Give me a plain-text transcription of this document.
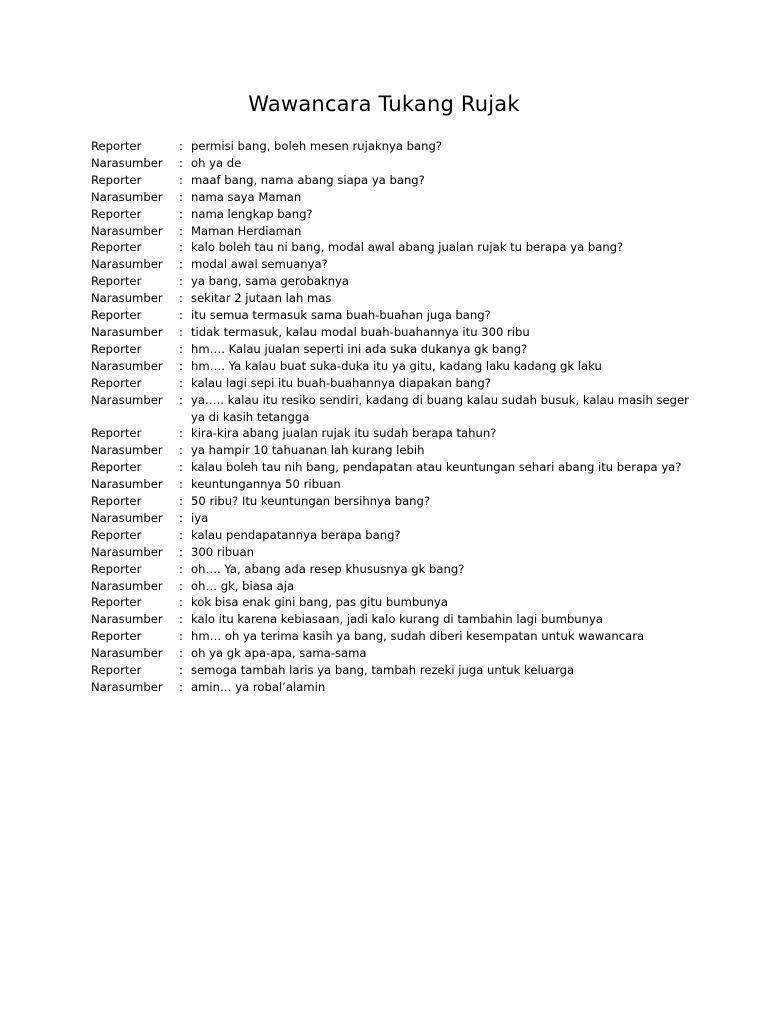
Wawancara Tukang Rujak
Reporter	: permisi bang, boleh mesen rujaknya bang?
Narasumber	: oh ya de
Reporter	: maaf bang, nama abang siapa ya bang?
Narasumber	: nama saya Maman
Reporter	: nama lengkap bang?
Narasumber	: Maman Herdiaman
Reporter	: kalo boleh tau ni bang, modal awal abang jualan rujak tu berapa ya bang?
Narasumber	: modal awal semuanya?
Reporter	: ya bang, sama gerobaknya
Narasumber	: sekitar 2 jutaan lah mas
Reporter	: itu semua termasuk sama buah-buahan juga bang?
Narasumber	: tidak termasuk, kalau modal buah-buahannya itu 300 ribu
Reporter	: hm…. Kalau jualan seperti ini ada suka dukanya gk bang?
Narasumber	: hm…. Ya kalau buat suka-duka itu ya gitu, kadang laku kadang gk laku
Reporter	: kalau lagi sepi itu buah-buahannya diapakan bang?
Narasumber	: ya….. kalau itu resiko sendiri, kadang di buang kalau sudah busuk, kalau masih seger ya di kasih tetangga
Reporter	: kira-kira abang jualan rujak itu sudah berapa tahun?
Narasumber	: ya hampir 10 tahuanan lah kurang lebih
Reporter	: kalau boleh tau nih bang, pendapatan atau keuntungan sehari abang itu berapa ya?
Narasumber	: keuntungannya 50 ribuan
Reporter	: 50 ribu? Itu keuntungan bersihnya bang?
Narasumber	: iya
Reporter	: kalau pendapatannya berapa bang?
Narasumber	: 300 ribuan
Reporter	: oh…. Ya, abang ada resep khususnya gk bang?
Narasumber	: oh… gk, biasa aja
Reporter	: kok bisa enak gini bang, pas gitu bumbunya
Narasumber	: kalo itu karena kebiasaan, jadi kalo kurang di tambahin lagi bumbunya
Reporter	: hm… oh ya terima kasih ya bang, sudah diberi kesempatan untuk wawancara
Narasumber	: oh ya gk apa-apa, sama-sama
Reporter	: semoga tambah laris ya bang, tambah rezeki juga untuk keluarga
Narasumber	: amin… ya robal’alamin
